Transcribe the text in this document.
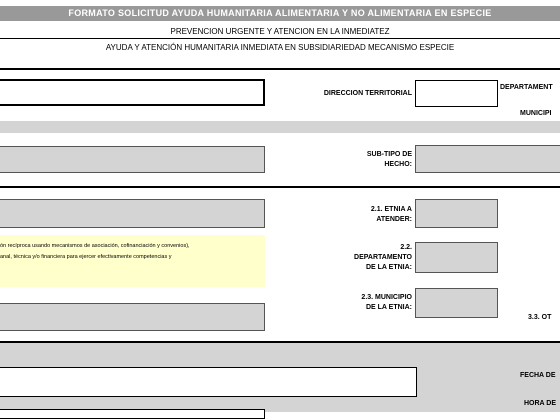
FORMATO SOLICITUD AYUDA HUMANITARIA ALIMENTARIA Y NO ALIMENTARIA EN ESPECIE
PREVENCION URGENTE Y ATENCION EN LA INMEDIATEZ
AYUDA Y ATENCIÓN HUMANITARIA INMEDIATA EN SUBSIDIARIEDAD MECANISMO ESPECIE
DIRECCION TERRITORIAL
DEPARTAMENT
MUNICIPI
SUB-TIPO DE
HECHO:
2.1. ETNIA A
ATENDER:
ón recíproca usando mecanismos de asociación, cofinanciación y convenios),
anal, técnica y/o financiera para ejercer efectivamente competencias y
2.2.
DEPARTAMENTO
DE LA ETNIA:
2.3. MUNICIPIO
DE LA ETNIA:
3.3. OT
FECHA DE
HORA DE
